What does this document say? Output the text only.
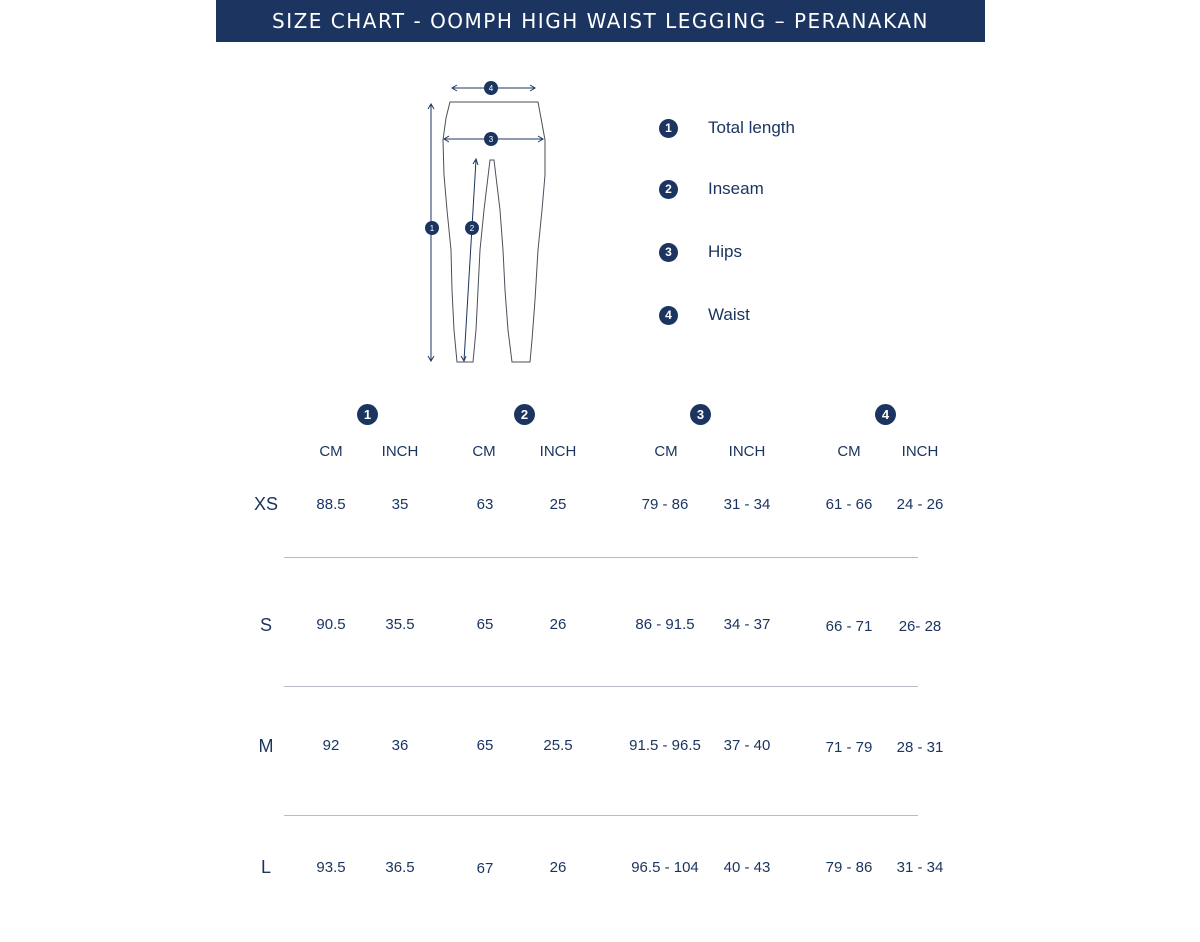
SIZE CHART - OOMPH HIGH WAIST LEGGING – PERANAKAN
1	2
3
4
1	Total length
2	Inseam
3	Hips
4	Waist
1	2	3	4
CM	INCH	CM	INCH	CM	INCH	CM	INCH
XS	88.5	35	63	25	79 - 86	31 - 34	61 - 66	24 - 26
S	90.5	35.5	65	26	86 - 91.5	34 - 37	66 - 71	26- 28
M	92	36	65	25.5	91.5 - 96.5	37 - 40	71 - 79	28 - 31
L	93.5	36.5	67	26	96.5 - 104	40 - 43	79 - 86	31 - 34
